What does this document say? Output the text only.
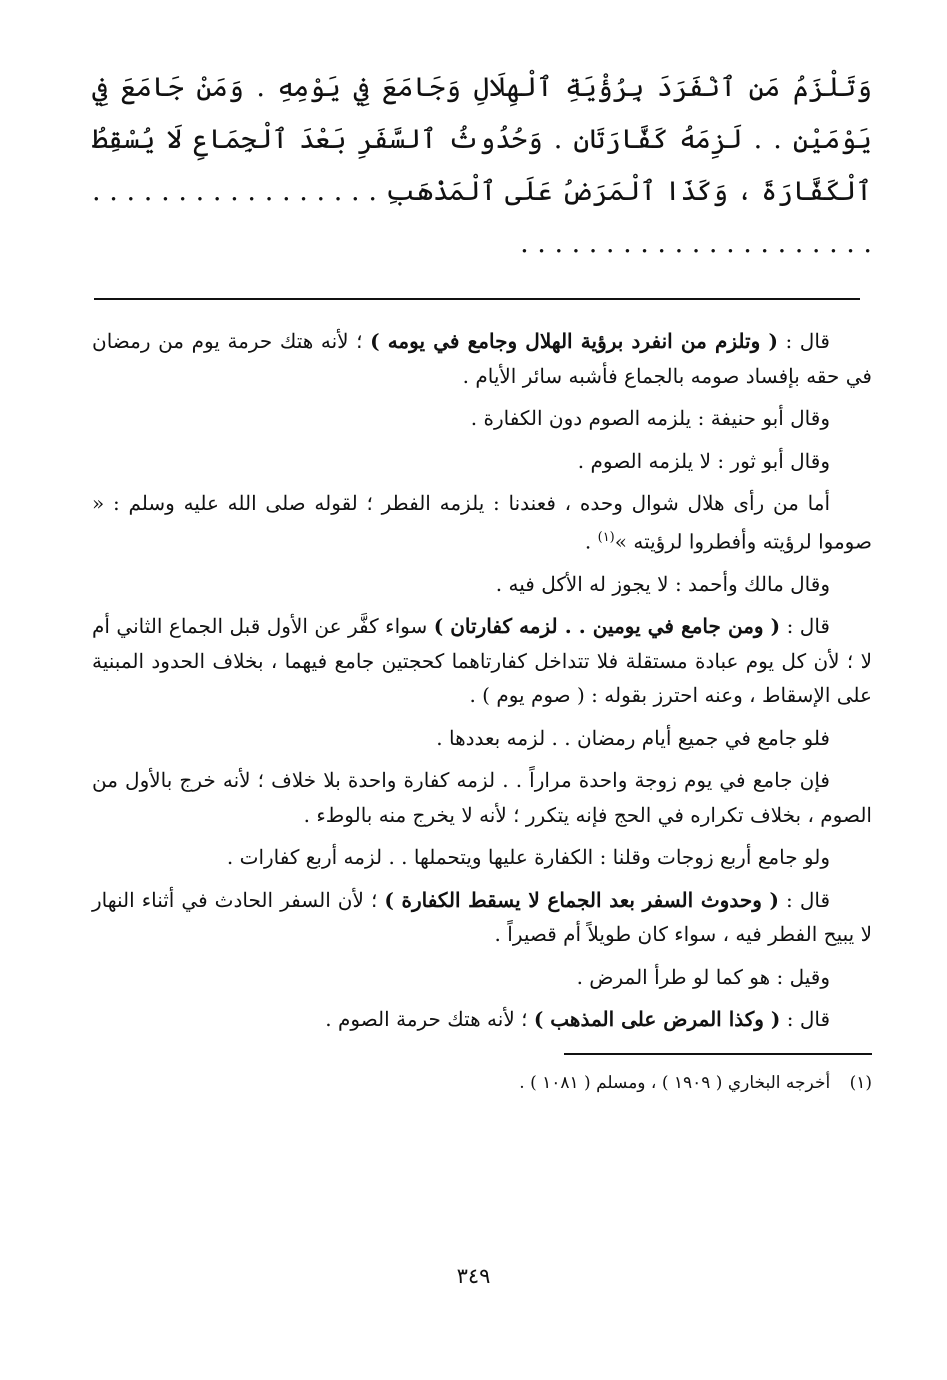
وَتَلْزَمُ مَنِ ٱنْفَرَدَ بِرُؤْيَةِ ٱلْهِلَالِ وَجَامَعَ فِي يَوْمِهِ . وَمَنْ جَامَعَ فِي يَوْمَيْنِ . . لَزِمَهُ كَفَّارَتَانِ . وَحُدُوثُ ٱلسَّفَرِ بَعْدَ ٱلْجِمَاعِ لَا يُسْقِطُ ٱلْكَفَّارَةَ ، وَكَذَا ٱلْمَرَضُ عَلَى ٱلْمَذْهَبِ . . . . . . . . . . . . . . . . . . . . . . . . . . . . . . . . . . . . . .

قال : ( وتلزم من انفرد برؤية الهلال وجامع في يومه ) ؛ لأنه هتك حرمة يوم من رمضان في حقه بإفساد صومه بالجماع فأشبه سائر الأيام .

وقال أبو حنيفة : يلزمه الصوم دون الكفارة .

وقال أبو ثور : لا يلزمه الصوم .

أما من رأى هلال شوال وحده ، فعندنا : يلزمه الفطر ؛ لقوله صلى الله عليه وسلم : « صوموا لرؤيته وأفطروا لرؤيته »$^{(١)}$ .

وقال مالك وأحمد : لا يجوز له الأكل فيه .

قال : ( ومن جامع في يومين . . لزمه كفارتان ) سواء كفَّر عن الأول قبل الجماع الثاني أم لا ؛ لأن كل يوم عبادة مستقلة فلا تتداخل كفارتاهما كحجتين جامع فيهما ، بخلاف الحدود المبنية على الإسقاط ، وعنه احترز بقوله : ( صوم يوم ) .

فلو جامع في جميع أيام رمضان . . لزمه بعددها .

فإن جامع في يوم زوجة واحدة مراراً . . لزمه كفارة واحدة بلا خلاف ؛ لأنه خرج بالأول من الصوم ، بخلاف تكراره في الحج فإنه يتكرر ؛ لأنه لا يخرج منه بالوطء .

ولو جامع أربع زوجات وقلنا : الكفارة عليها ويتحملها . . لزمه أربع كفارات .

قال : ( وحدوث السفر بعد الجماع لا يسقط الكفارة ) ؛ لأن السفر الحادث في أثناء النهار لا يبيح الفطر فيه ، سواء كان طويلاً أم قصيراً .

وقيل : هو كما لو طرأ المرض .

قال : ( وكذا المرض على المذهب ) ؛ لأنه هتك حرمة الصوم .

(١) أخرجه البخاري ( ١٩٠٩ ) ، ومسلم ( ١٠٨١ ) .
٣٤٩
